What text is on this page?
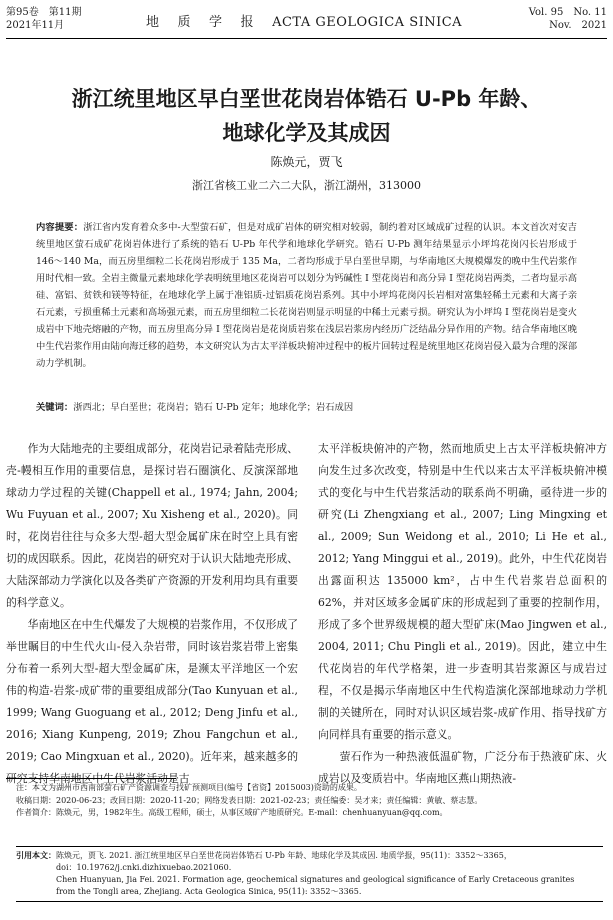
第95卷　第11期
2021年11月	地 质 学 报 ACTA GEOLOGICA SINICA
Vol. 95　No. 11
Nov.　2021
浙江统里地区早白垩世花岗岩体锆石 U-Pb 年龄、
地球化学及其成因
陈焕元，贾飞
浙江省核工业二六二大队，浙江湖州，313000
内容提要：浙江省内发育着众多中-大型萤石矿，但是对成矿岩体的研究相对较弱，制约着对区域成矿过程的认识。本文首次对安吉统里地区萤石成矿花岗岩体进行了系统的锆石 U-Pb 年代学和地球化学研究。锆石 U-Pb 测年结果显示小坪坞花岗闪长岩形成于 146～140 Ma，而五房里细粒二长花岗岩形成于 135 Ma，二者均形成于早白垩世早期，与华南地区大规模爆发的晚中生代岩浆作用时代相一致。全岩主微量元素地球化学表明统里地区花岗岩可以划分为钙碱性 I 型花岗岩和高分异 I 型花岗岩两类，二者均显示高硅、富铝、贫铁和镁等特征，在地球化学上属于准铝质-过铝质花岗岩系列。其中小坪坞花岗闪长岩相对富集轻稀土元素和大离子亲石元素，亏损重稀土元素和高场强元素，而五房里细粒二长花岗岩则显示明显的中稀土元素亏损。研究认为小坪坞 I 型花岗岩是变火成岩中下地壳熔融的产物，而五房里高分异 I 型花岗岩是花岗质岩浆在浅层岩浆房内经历广泛结晶分异作用的产物。结合华南地区晚中生代岩浆作用由陆向海迁移的趋势，本文研究认为古太平洋板块俯冲过程中的板片回转过程是统里地区花岗岩侵入最为合理的深部动力学机制。
关键词：浙西北；早白垩世；花岗岩；锆石 U-Pb 定年；地球化学；岩石成因

作为大陆地壳的主要组成部分，花岗岩记录着陆壳形成、壳-幔相互作用的重要信息，是探讨岩石圈演化、反演深部地球动力学过程的关键(Chappell et al., 1974; Jahn, 2004; Wu Fuyuan et al., 2007; Xu Xisheng et al., 2020)。同时，花岗岩往往与众多大型-超大型金属矿床在时空上具有密切的成因联系。因此，花岗岩的研究对于认识大陆地壳形成、大陆深部动力学演化以及各类矿产资源的开发利用均具有重要的科学意义。

华南地区在中生代爆发了大规模的岩浆作用，不仅形成了举世瞩目的中生代火山-侵入杂岩带，同时该岩浆岩带上密集分布着一系列大型-超大型金属矿床，是濒太平洋地区一个宏伟的构造-岩浆-成矿带的重要组成部分(Tao Kunyuan et al., 1999; Wang Guoguang et al., 2012; Deng Jinfu et al., 2016; Xiang Kunpeng, 2019; Zhou Fangchun et al., 2019; Cao Mingxuan et al., 2020)。近年来，越来越多的研究支持华南地区中生代岩浆活动是古

太平洋板块俯冲的产物，然而地质史上古太平洋板块俯冲方向发生过多次改变，特别是中生代以来古太平洋板块俯冲模式的变化与中生代岩浆活动的联系尚不明确，亟待进一步的研究(Li Zhengxiang et al., 2007; Ling Mingxing et al., 2009; Sun Weidong et al., 2010; Li He et al., 2012; Yang Minggui et al., 2019)。此外，中生代花岗岩出露面积达 135000 km²，占中生代岩浆岩总面积的 62%，并对区域多金属矿床的形成起到了重要的控制作用，形成了多个世界级规模的超大型矿床(Mao Jingwen et al., 2004, 2011; Chu Pingli et al., 2019)。因此，建立中生代花岗岩的年代学格架，进一步查明其岩浆源区与成岩过程，不仅是揭示华南地区中生代构造演化深部地球动力学机制的关键所在，同时对认识区域岩浆-成矿作用、指导找矿方向同样具有重要的指示意义。

萤石作为一种热液低温矿物，广泛分布于热液矿床、火成岩以及变质岩中。华南地区燕山期热液-

注：本文为湖州市西南部萤石矿产资源调查与找矿预测项目(编号【省资】2015003)资助的成果。
收稿日期：2020-06-23；改回日期：2020-11-20；网络发表日期：2021-02-23；责任编委：吴才来；责任编辑：黄敏、蔡志慧。
作者简介：陈焕元，男，1982年生。高级工程师，硕士，从事区域矿产地质研究。E-mail：chenhuanyuan@qq.com。
引用本文：陈焕元，贾飞. 2021. 浙江统里地区早白垩世花岗岩体锆石 U-Pb 年龄、地球化学及其成因. 地质学报，95(11)：3352～3365，
doi：10.19762/j.cnki.dizhixuebao.2021060.
Chen Huanyuan, Jia Fei. 2021. Formation age, geochemical signatures and geological significance of Early Cretaceous granites
from the Tongli area, Zhejiang. Acta Geologica Sinica, 95(11): 3352～3365.
